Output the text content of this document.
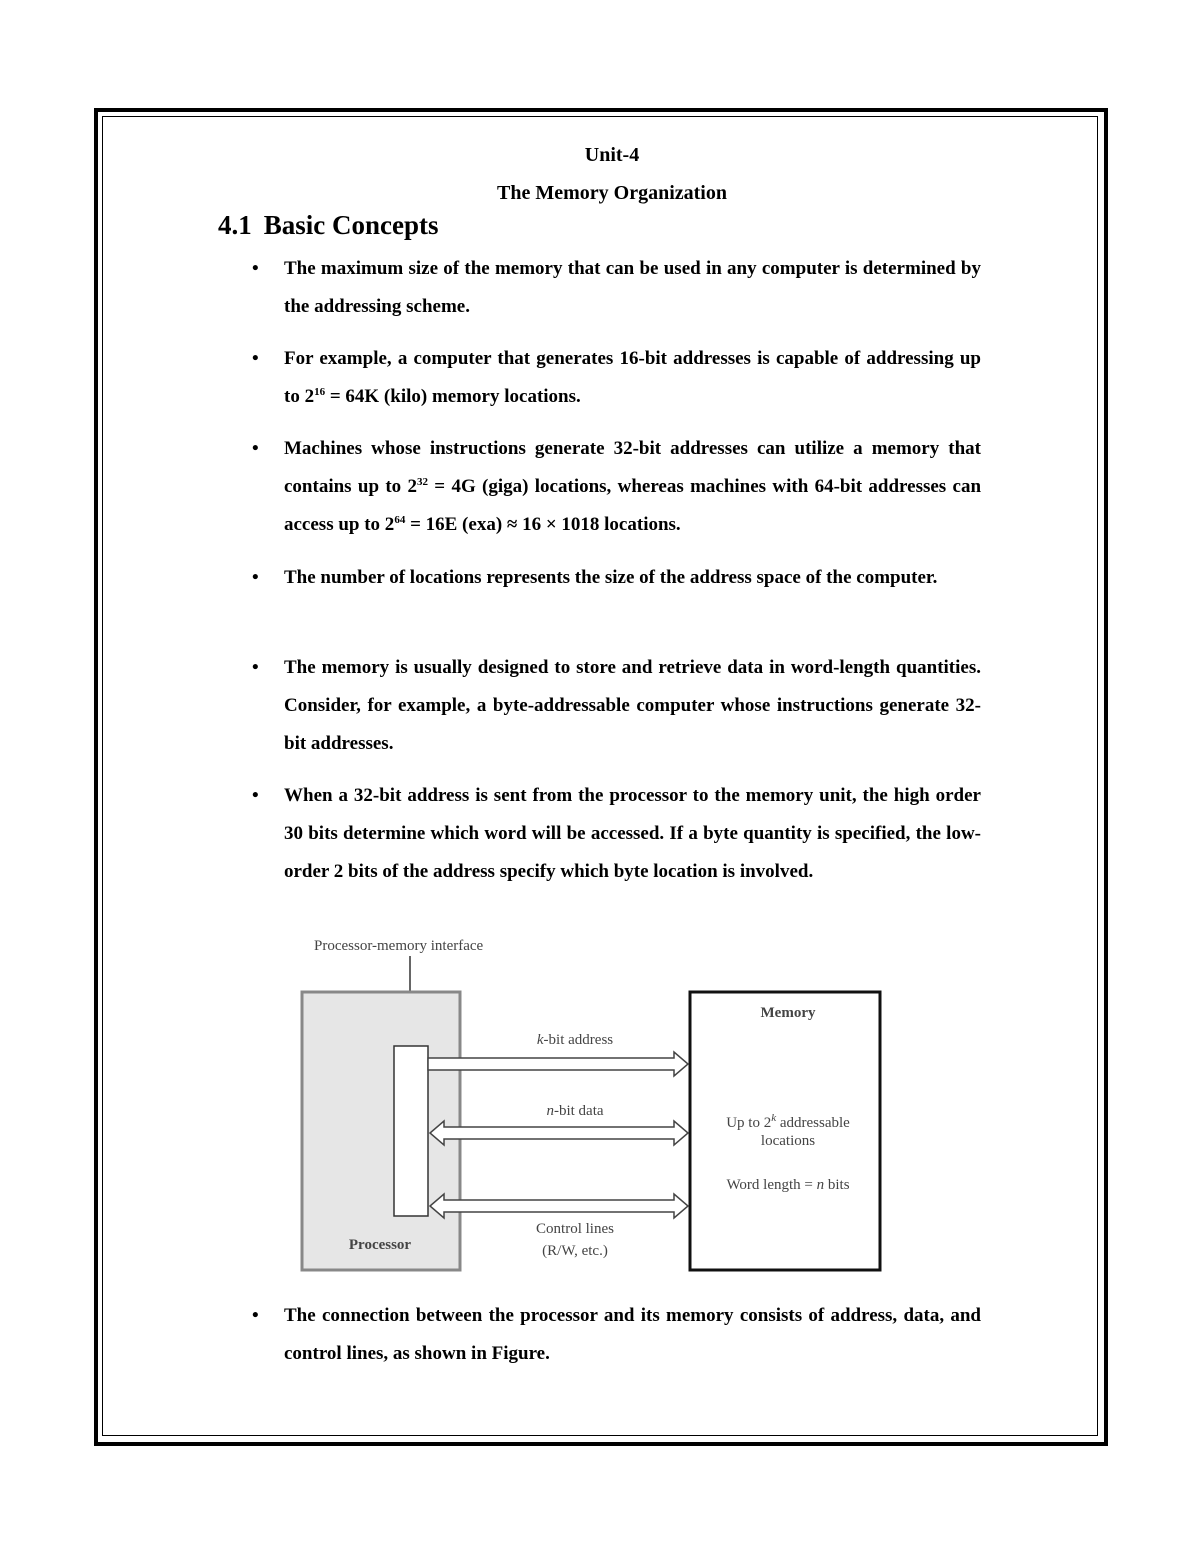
Unit-4
The Memory Organization
4.1 Basic Concepts

• The maximum size of the memory that can be used in any computer is determined by the addressing scheme.

• For example, a computer that generates 16-bit addresses is capable of addressing up to $2^{16} = 64K$ (kilo) memory locations.

• Machines whose instructions generate 32-bit addresses can utilize a memory that contains up to $2^{32} = 4G$ (giga) locations, whereas machines with 64-bit addresses can access up to $2^{64} = 16E$ (exa) ≈ 16 × 1018 locations.

• The number of locations represents the size of the address space of the computer.

• The memory is usually designed to store and retrieve data in word-length quantities. Consider, for example, a byte-addressable computer whose instructions generate 32-bit addresses.

• When a 32-bit address is sent from the processor to the memory unit, the high order 30 bits determine which word will be accessed. If a byte quantity is specified, the low-order 2 bits of the address specify which byte location is involved.

Processor-memory interface
Processor
Memory
Up to 2$^k$ addressable
locations
Word length = n bits
k-bit address
n-bit data
Control lines
(R/W, etc.)

• The connection between the processor and its memory consists of address, data, and control lines, as shown in Figure.
